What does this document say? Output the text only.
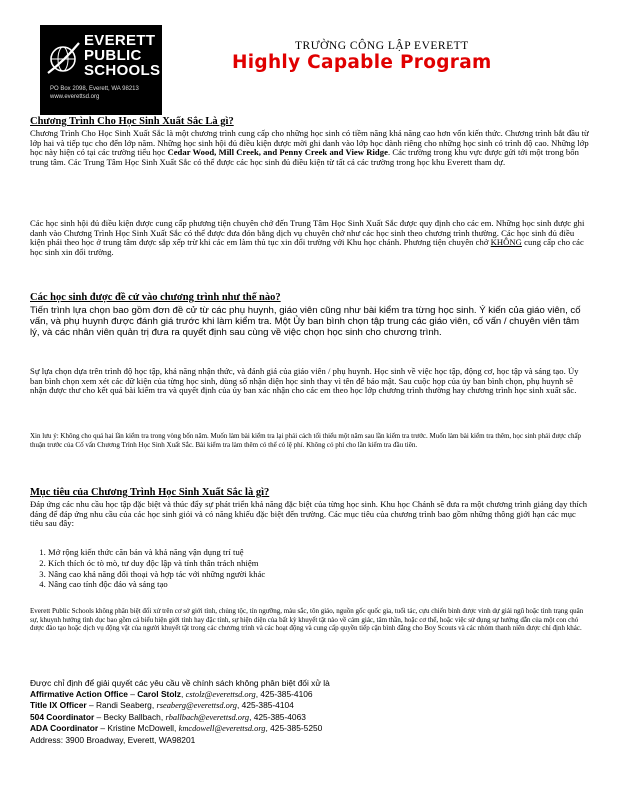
EVERETT
PUBLIC
SCHOOLS
PO Box 2098, Everett, WA 98213
www.everettsd.org
TRƯỜNG CÔNG LẬP EVERETT
Highly Capable Program
Chương Trình Cho Học Sinh Xuất Sắc Là gì?
Chương Trình Cho Học Sinh Xuất Sắc là một chương trình cung cấp cho những học sinh có tiềm năng khả năng cao hơn vốn kiến thức. Chương trình bắt đầu từ lớp hai và tiếp tục cho đến lớp năm. Những học sinh hội đủ điều kiện được mời ghi danh vào lớp học dành riêng cho những học sinh có trình độ cao. Những lớp học này hiện có tại các trường tiểu học Cedar Wood, Mill Creek, and Penny Creek and View Ridge. Các trường trong khu vực được gửi tới một trong bốn trung tâm. Các Trung Tâm Học Sinh Xuất Sắc có thể được các học sinh đủ điều kiện từ tất cả các trường trong học khu Everett tham dự.
Các học sinh hội đủ điều kiện được cung cấp phương tiện chuyên chở đến Trung Tâm Học Sinh Xuất Sắc được quy định cho các em. Những học sinh được ghi danh vào Chương Trình Học Sinh Xuất Sắc có thể được đưa đón bằng dịch vụ chuyên chở như các học sinh theo chương trình thường. Các học sinh đủ điều kiện phải theo học ở trung tâm được sắp xếp trừ khi các em làm thủ tục xin đổi trường với Khu học chánh. Phương tiện chuyên chở KHÔNG cung cấp cho các học sinh xin đổi trường.
Các học sinh được đề cử vào chương trình như thế nào?
Tiến trình lựa chọn bao gồm đơn đề cử từ các phụ huynh, giáo viên cũng như bài kiểm tra từng học sinh. Ý kiến của giáo viên, cố vấn, và phụ huynh được đánh giá trước khi làm kiểm tra. Một Ủy ban bình chọn tập trung các giáo viên, cố vấn / chuyên viên tâm lý, và các nhân viên quản trị đưa ra quyết định sau cùng về việc chọn học sinh cho chương trình.
Sự lựa chọn dựa trên trình độ học tập, khả năng nhận thức, và đánh giá của giáo viên / phụ huynh. Học sinh về việc học tập, động cơ, học tập và sáng tạo. Ủy ban bình chọn xem xét các dữ kiện của từng học sinh, dùng số nhận diện học sinh thay vì tên để bảo mật. Sau cuộc họp của ủy ban bình chọn, phụ huynh sẽ nhận được thư cho kết quả bài kiểm tra và quyết định của ủy ban xác nhận cho các em theo học lớp chương trình thường hay chương trình học sinh xuất sắc.
Xin lưu ý: Không cho quá hai lần kiểm tra trong vòng bốn năm. Muốn làm bài kiểm tra lại phải cách tối thiểu một năm sau lần kiểm tra trước. Muốn làm bài kiểm tra thêm, học sinh phải được chấp thuận trước của Cố vấn Chương Trình Học Sinh Xuất Sắc. Bài kiểm tra làm thêm có thể có lệ phí. Không có phí cho lần kiểm tra đầu tiên.
Mục tiêu của Chương Trình Học Sinh Xuất Sắc là gì?
Đáp ứng các nhu cầu học tập đặc biệt và thúc đẩy sự phát triển khả năng đặc biệt của từng học sinh. Khu học Chánh sẽ đưa ra một chương trình giảng dạy thích đáng để đáp ứng nhu cầu của các học sinh giỏi và có năng khiếu đặc biệt đến trường. Các mục tiêu của chương trình bao gồm những thông giới hạn các mục tiêu sau đây:
1. Mở rộng kiến thức căn bản và khả năng vận dụng trí tuệ
2. Kích thích óc tò mò, tư duy độc lập và tính thân trách nhiệm
3. Nâng cao khả năng đối thoại và hợp tác với những người khác
4. Nâng cao tính độc đáo và sáng tạo
Everett Public Schools không phân biệt đối xử trên cơ sở giới tính, chủng tộc, tín ngưỡng, màu sắc, tôn giáo, nguồn gốc quốc gia, tuổi tác, cựu chiến binh được vinh dự giải ngũ hoặc tình trạng quân sự, khuynh hướng tình dục bao gồm cả biểu hiện giới tính hay đặc tính, sự hiện diện của bất kỳ khuyết tật nào về cảm giác, tâm thần, hoặc cơ thể, hoặc việc sử dụng sự hướng dẫn của một con chó được đào tạo hoặc dịch vụ động vật của người khuyết tật trong các chương trình và các hoạt động và cung cấp quyền tiếp cận bình đẳng cho Boy Scouts và các nhóm thanh niên được chỉ định khác.
Được chỉ định để giải quyết các yêu cầu về chính sách không phân biệt đối xử là
Affirmative Action Office – Carol Stolz, cstolz@everettsd.org, 425-385-4106
Title IX Officer – Randi Seaberg, rseaberg@everettsd.org, 425-385-4104
504 Coordinator – Becky Ballbach, rballbach@everettsd.org, 425-385-4063
ADA Coordinator – Kristine McDowell, kmcdowell@everettsd.org, 425-385-5250
Address: 3900 Broadway, Everett, WA98201
